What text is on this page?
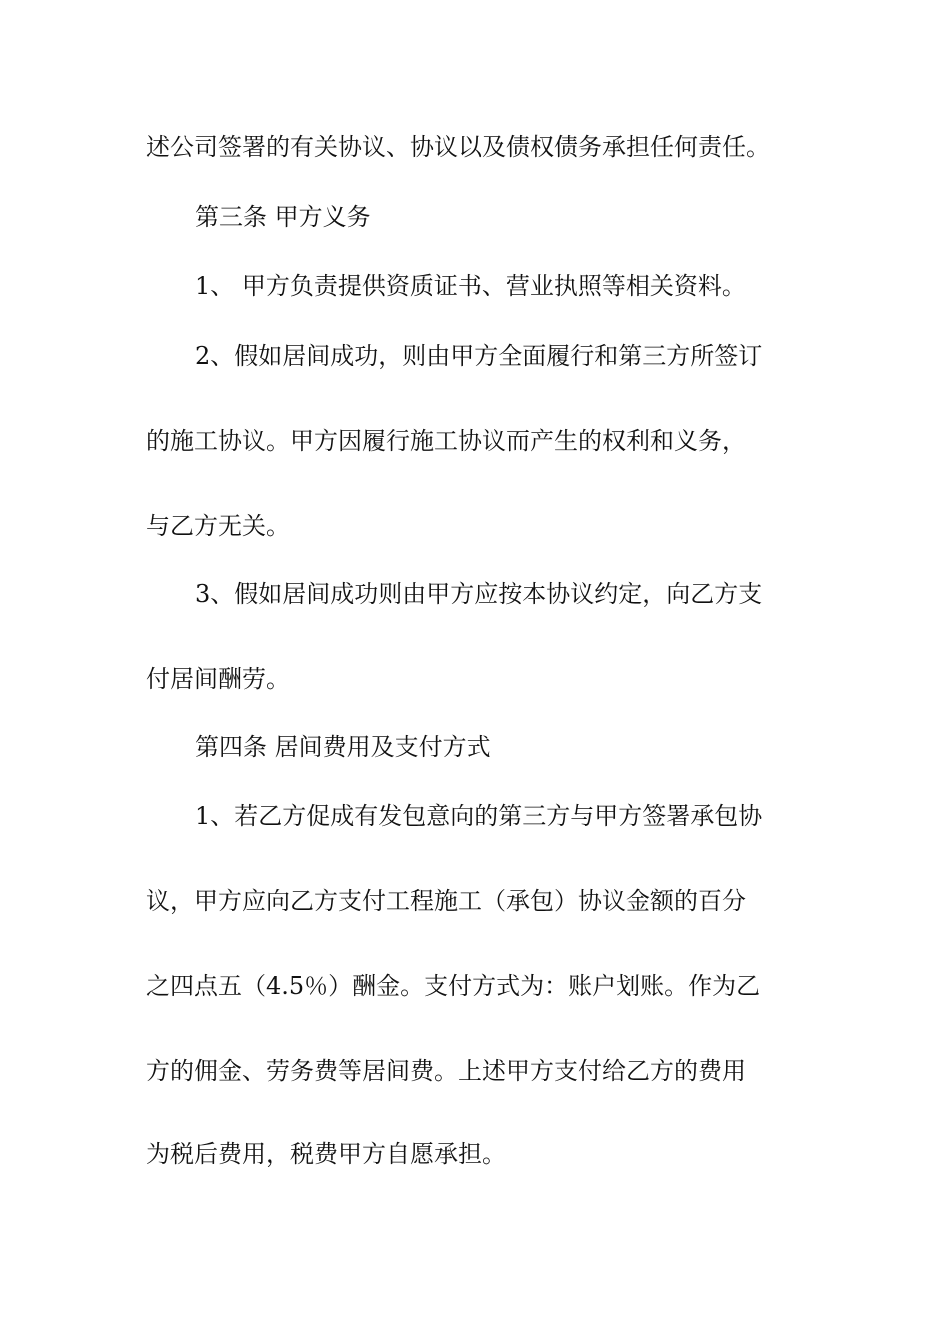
述公司签署的有关协议、协议以及债权债务承担任何责任。
第三条 甲方义务
1、 甲方负责提供资质证书、营业执照等相关资料。
2、假如居间成功，则由甲方全面履行和第三方所签订
的施工协议。甲方因履行施工协议而产生的权利和义务，
与乙方无关。
3、假如居间成功则由甲方应按本协议约定，向乙方支
付居间酬劳。
第四条 居间费用及支付方式
1、若乙方促成有发包意向的第三方与甲方签署承包协
议，甲方应向乙方支付工程施工（承包）协议金额的百分
之四点五（4.5％）酬金。支付方式为：账户划账。作为乙
方的佣金、劳务费等居间费。上述甲方支付给乙方的费用
为税后费用，税费甲方自愿承担。
